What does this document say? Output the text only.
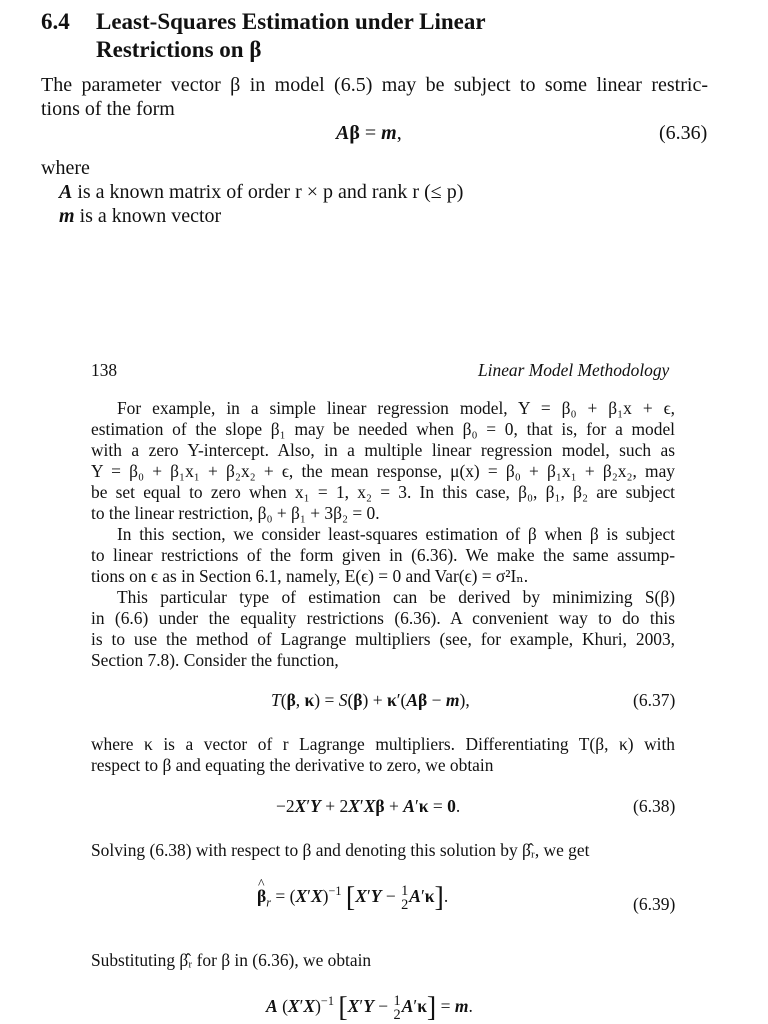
6.4 Least-Squares Estimation under Linear
Restrictions on β
The parameter vector β in model (6.5) may be subject to some linear restric-
tions of the form
Aβ = m,	(6.36)
where
A is a known matrix of order r × p and rank r (≤ p)
m is a known vector
138	Linear Model Methodology
For example, in a simple linear regression model, Y = β₀ + β₁x + ϵ,
estimation of the slope β₁ may be needed when β₀ = 0, that is, for a model
with a zero Y-intercept. Also, in a multiple linear regression model, such as
Y = β₀ + β₁x₁ + β₂x₂ + ϵ, the mean response, μ(x) = β₀ + β₁x₁ + β₂x₂, may
be set equal to zero when x₁ = 1, x₂ = 3. In this case, β₀, β₁, β₂ are subject
to the linear restriction, β₀ + β₁ + 3β₂ = 0.
In this section, we consider least-squares estimation of β when β is subject
to linear restrictions of the form given in (6.36). We make the same assump-
tions on ϵ as in Section 6.1, namely, E(ϵ) = 0 and Var(ϵ) = σ²Iₙ.
This particular type of estimation can be derived by minimizing S(β)
in (6.6) under the equality restrictions (6.36). A convenient way to do this
is to use the method of Lagrange multipliers (see, for example, Khuri, 2003,
Section 7.8). Consider the function,
T(β, κ) = S(β) + κ′(Aβ − m),	(6.37)
where κ is a vector of r Lagrange multipliers. Differentiating T(β, κ) with
respect to β and equating the derivative to zero, we obtain
−2X′Y + 2X′Xβ + A′κ = 0.	(6.38)
Solving (6.38) with respect to β and denoting this solution by β̂ᵣ, we get
^ $\beta_r = (X'X)^{-1}$ [X′Y − 1
2 A′κ].	(6.39)
Substituting β̂ᵣ for β in (6.36), we obtain
A $(X'X)^{-1}$ [X′Y − 1
2 A′κ] = m.
